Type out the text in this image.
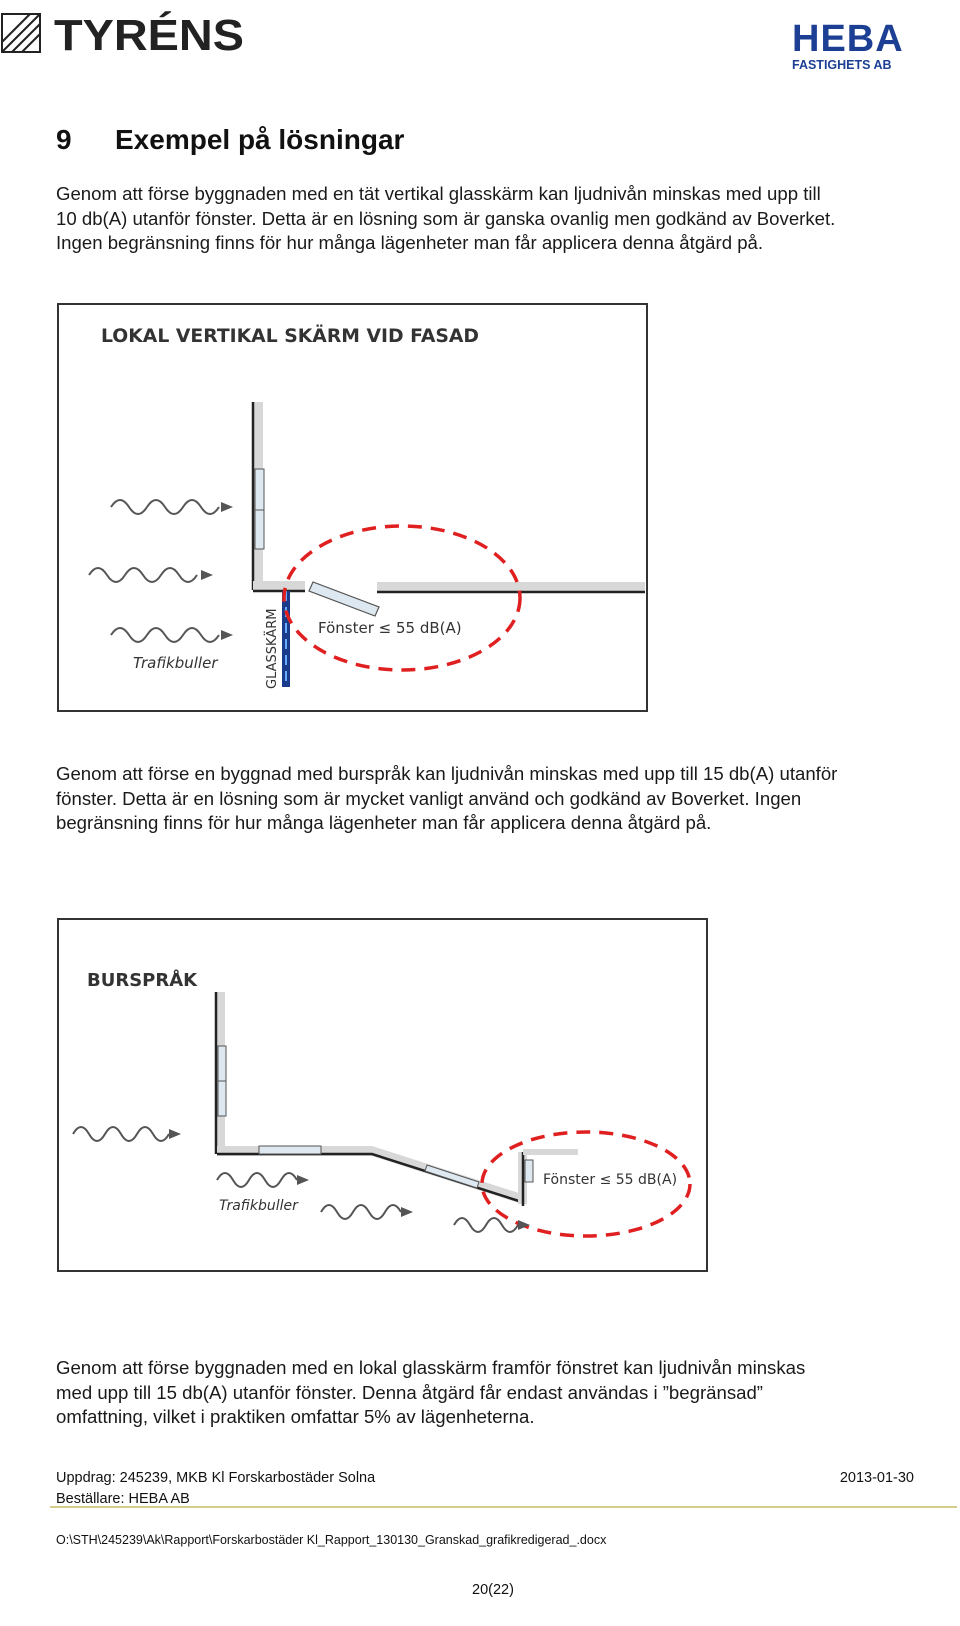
TYRÉNS	HEBA
FASTIGHETS AB
9 Exempel på lösningar
Genom att förse byggnaden med en tät vertikal glasskärm kan ljudnivån minskas med upp till
10 db(A) utanför fönster. Detta är en lösning som är ganska ovanlig men godkänd av Boverket.
Ingen begränsning finns för hur många lägenheter man får applicera denna åtgärd på.
LOKAL VERTIKAL SKÄRM VID FASAD
GLASSKÄRM	Fönster ≤ 55 dB(A)
Trafikbuller
Genom att förse en byggnad med burspråk kan ljudnivån minskas med upp till 15 db(A) utanför
fönster. Detta är en lösning som är mycket vanligt använd och godkänd av Boverket. Ingen
begränsning finns för hur många lägenheter man får applicera denna åtgärd på.
BURSPRÅK
Fönster ≤ 55 dB(A)
Trafikbuller
Genom att förse byggnaden med en lokal glasskärm framför fönstret kan ljudnivån minskas
med upp till 15 db(A) utanför fönster. Denna åtgärd får endast användas i ”begränsad”
omfattning, vilket i praktiken omfattar 5% av lägenheterna.
Uppdrag: 245239, MKB Kl Forskarbostäder Solna	2013-01-30
Beställare: HEBA AB
O:\STH\245239\Ak\Rapport\Forskarbostäder Kl_Rapport_130130_Granskad_grafikredigerad_.docx
20(22)
